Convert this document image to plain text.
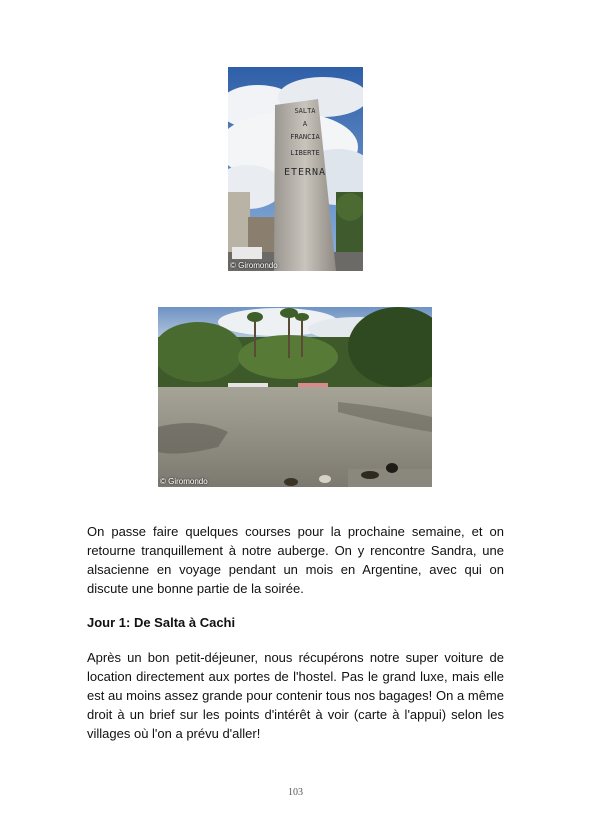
SALTA
A
FRANCIA
LIBERTE
ETERNA
© Giromondo
© Giromondo

On passe faire quelques courses pour la prochaine semaine, et on retourne tranquillement à notre auberge. On y rencontre Sandra, une alsacienne en voyage pendant un mois en Argentine, avec qui on discute une bonne partie de la soirée.

Jour 1: De Salta à Cachi

Après un bon petit-déjeuner, nous récupérons notre super voiture de location directement aux portes de l'hostel. Pas le grand luxe, mais elle est au moins assez grande pour contenir tous nos bagages! On a même droit à un brief sur les points d'intérêt à voir (carte à l'appui) selon les villages où l'on a prévu d'aller!

103
